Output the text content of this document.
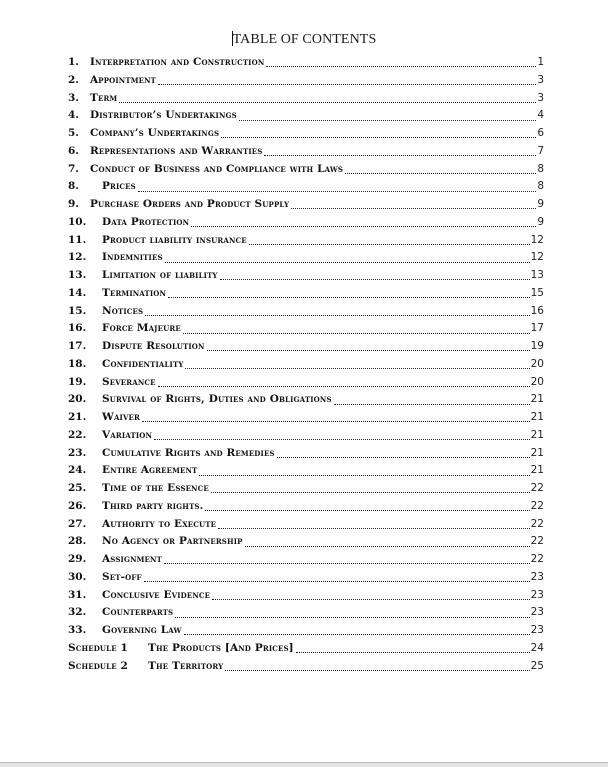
TABLE OF CONTENTS
1.	Interpretation and Construction	1
2.	Appointment	3
3.	Term	3
4.	Distributor’s Undertakings	4
5.	Company’s Undertakings	6
6.	Representations and Warranties	7
7.	Conduct of Business and Compliance with Laws	8
8.	Prices	8
9.	Purchase Orders and Product Supply	9
10.	Data Protection	9
11.	Product liability insurance	12
12.	Indemnities	12
13.	Limitation of liability	13
14.	Termination	15
15.	Notices	16
16.	Force Majeure	17
17.	Dispute Resolution	19
18.	Confidentiality	20
19.	Severance	20
20.	Survival of Rights, Duties and Obligations	21
21.	Waiver	21
22.	Variation	21
23.	Cumulative Rights and Remedies	21
24.	Entire Agreement	21
25.	Time of the Essence	22
26.	Third party rights.	22
27.	Authority to Execute	22
28.	No Agency or Partnership	22
29.	Assignment	22
30.	Set-off	23
31.	Conclusive Evidence	23
32.	Counterparts	23
33.	Governing Law	23
Schedule 1	The Products [And Prices]	24
Schedule 2	The Territory	25
